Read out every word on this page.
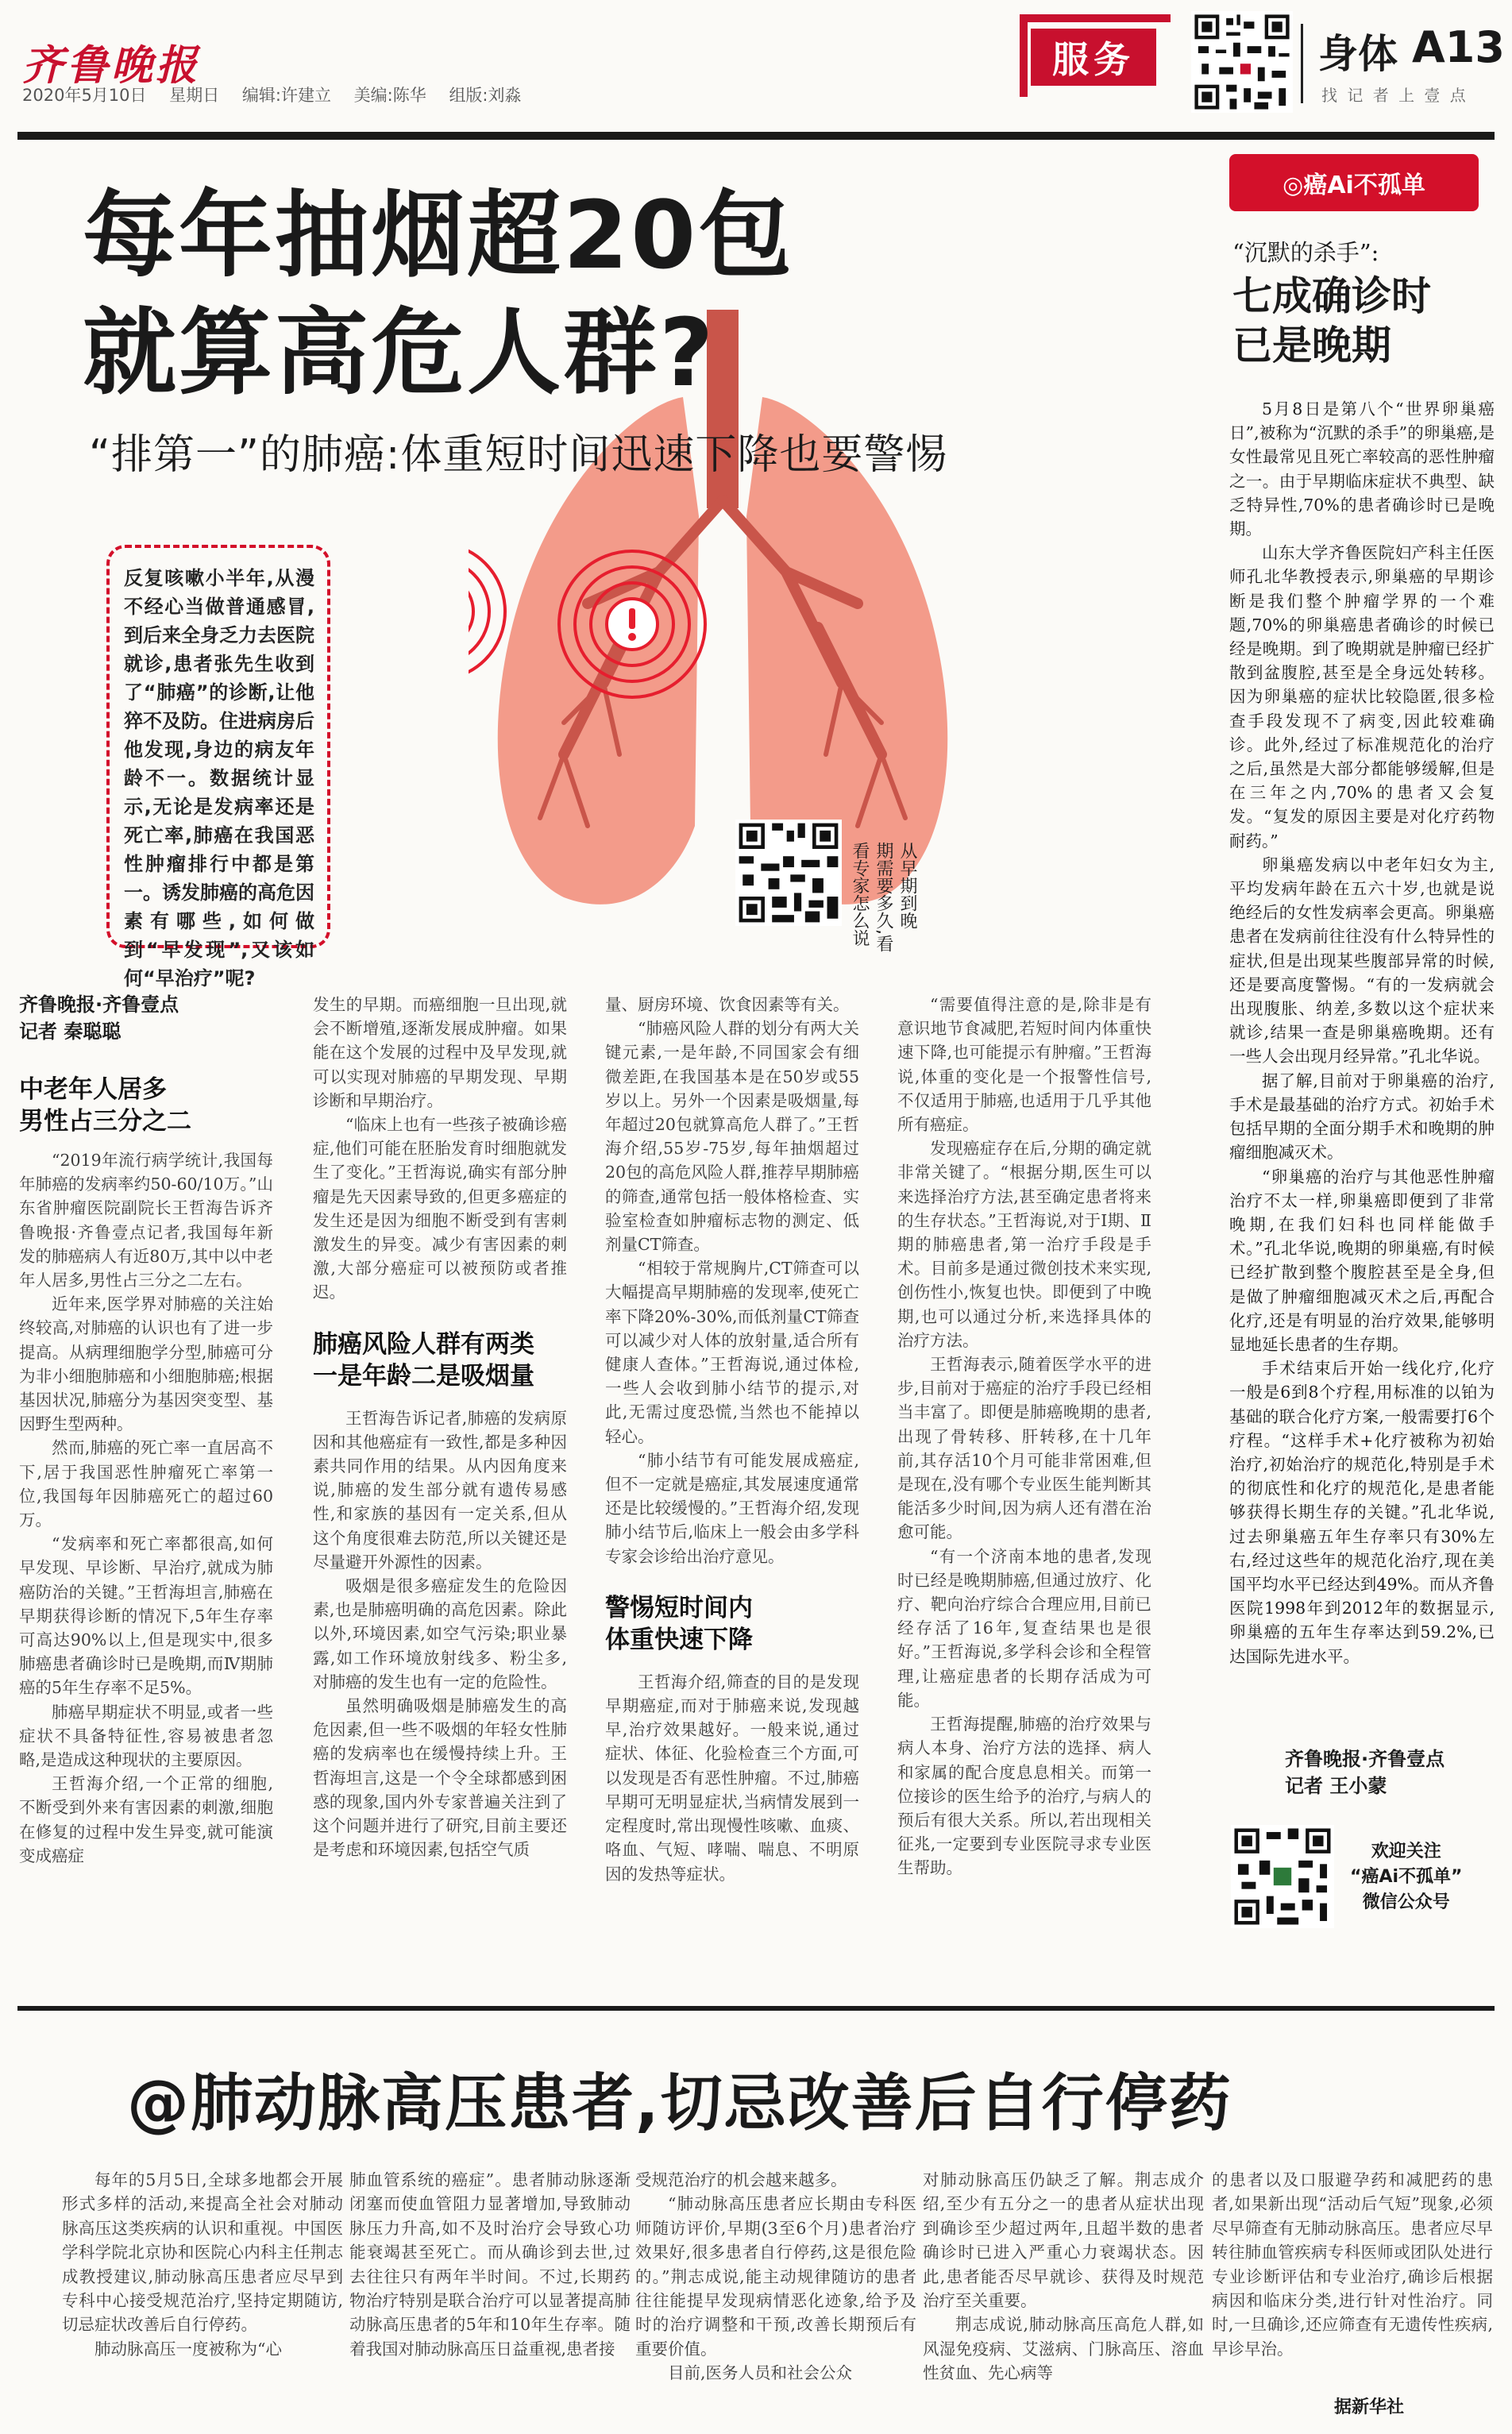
齐鲁晚报
2020年5月10日 星期日 编辑:许建立 美编:陈华 组版:刘淼
服务	身体 A13
找 记 者 上 壹 点
◎癌Ai不孤单
每年抽烟超20包
就算高危人群?
“排第一”的肺癌:体重短时间迅速下降也要警惕
反复咳嗽小半年,从漫不经心当做普通感冒,到后来全身乏力去医院就诊,患者张先生收到了“肺癌”的诊断,让他猝不及防。住进病房后他发现,身边的病友年龄不一。数据统计显示,无论是发病率还是死亡率,肺癌在我国恶性肿瘤排行中都是第一。诱发肺癌的高危因素有哪些,如何做到“早发现”,又该如何“早治疗”呢?
从早期到晚
期需要多久,看
看专家怎么说
“沉默的杀手”:
七成确诊时
已是晚期

5月8日是第八个“世界卵巢癌日”,被称为“沉默的杀手”的卵巢癌,是女性最常见且死亡率较高的恶性肿瘤之一。由于早期临床症状不典型、缺乏特异性,70%的患者确诊时已是晚期。

山东大学齐鲁医院妇产科主任医师孔北华教授表示,卵巢癌的早期诊断是我们整个肿瘤学界的一个难题,70%的卵巢癌患者确诊的时候已经是晚期。到了晚期就是肿瘤已经扩散到盆腹腔,甚至是全身远处转移。因为卵巢癌的症状比较隐匿,很多检查手段发现不了病变,因此较难确诊。此外,经过了标准规范化的治疗之后,虽然是大部分都能够缓解,但是在三年之内,70%的患者又会复发。“复发的原因主要是对化疗药物耐药。”

卵巢癌发病以中老年妇女为主,平均发病年龄在五六十岁,也就是说绝经后的女性发病率会更高。卵巢癌患者在发病前往往没有什么特异性的症状,但是出现某些腹部异常的时候,还是要高度警惕。“有的一发病就会出现腹胀、纳差,多数以这个症状来就诊,结果一查是卵巢癌晚期。还有一些人会出现月经异常。”孔北华说。

据了解,目前对于卵巢癌的治疗,手术是最基础的治疗方式。初始手术包括早期的全面分期手术和晚期的肿瘤细胞减灭术。

“卵巢癌的治疗与其他恶性肿瘤治疗不太一样,卵巢癌即便到了非常晚期,在我们妇科也同样能做手术。”孔北华说,晚期的卵巢癌,有时候已经扩散到整个腹腔甚至是全身,但是做了肿瘤细胞减灭术之后,再配合化疗,还是有明显的治疗效果,能够明显地延长患者的生存期。

手术结束后开始一线化疗,化疗一般是6到8个疗程,用标准的以铂为基础的联合化疗方案,一般需要打6个疗程。“这样手术+化疗被称为初始治疗,初始治疗的规范化,特别是手术的彻底性和化疗的规范化,是患者能够获得长期生存的关键。”孔北华说,过去卵巢癌五年生存率只有30%左右,经过这些年的规范化治疗,现在美国平均水平已经达到49%。而从齐鲁医院1998年到2012年的数据显示,卵巢癌的五年生存率达到59.2%,已达国际先进水平。

齐鲁晚报·齐鲁壹点
记者 王小蒙
欢迎关注
“癌Ai不孤单”
微信公众号
齐鲁晚报·齐鲁壹点
记者 秦聪聪
中老年人居多
男性占三分之二

“2019年流行病学统计,我国每年肺癌的发病率约50-60/10万。”山东省肿瘤医院副院长王哲海告诉齐鲁晚报·齐鲁壹点记者,我国每年新发的肺癌病人有近80万,其中以中老年人居多,男性占三分之二左右。

近年来,医学界对肺癌的关注始终较高,对肺癌的认识也有了进一步提高。从病理细胞学分型,肺癌可分为非小细胞肺癌和小细胞肺癌;根据基因状况,肺癌分为基因突变型、基因野生型两种。

然而,肺癌的死亡率一直居高不下,居于我国恶性肿瘤死亡率第一位,我国每年因肺癌死亡的超过60万。

“发病率和死亡率都很高,如何早发现、早诊断、早治疗,就成为肺癌防治的关键。”王哲海坦言,肺癌在早期获得诊断的情况下,5年生存率可高达90%以上,但是现实中,很多肺癌患者确诊时已是晚期,而Ⅳ期肺癌的5年生存率不足5%。

肺癌早期症状不明显,或者一些症状不具备特征性,容易被患者忽略,是造成这种现状的主要原因。

王哲海介绍,一个正常的细胞,不断受到外来有害因素的刺激,细胞在修复的过程中发生异变,就可能演变成癌症

发生的早期。而癌细胞一旦出现,就会不断增殖,逐渐发展成肿瘤。如果能在这个发展的过程中及早发现,就可以实现对肺癌的早期发现、早期诊断和早期治疗。

“临床上也有一些孩子被确诊癌症,他们可能在胚胎发育时细胞就发生了变化。”王哲海说,确实有部分肿瘤是先天因素导致的,但更多癌症的发生还是因为细胞不断受到有害刺激发生的异变。减少有害因素的刺激,大部分癌症可以被预防或者推迟。

肺癌风险人群有两类
一是年龄二是吸烟量

王哲海告诉记者,肺癌的发病原因和其他癌症有一致性,都是多种因素共同作用的结果。从内因角度来说,肺癌的发生部分就有遗传易感性,和家族的基因有一定关系,但从这个角度很难去防范,所以关键还是尽量避开外源性的因素。

吸烟是很多癌症发生的危险因素,也是肺癌明确的高危因素。除此以外,环境因素,如空气污染;职业暴露,如工作环境放射线多、粉尘多,对肺癌的发生也有一定的危险性。

虽然明确吸烟是肺癌发生的高危因素,但一些不吸烟的年轻女性肺癌的发病率也在缓慢持续上升。王哲海坦言,这是一个令全球都感到困惑的现象,国内外专家普遍关注到了这个问题并进行了研究,目前主要还是考虑和环境因素,包括空气质

量、厨房环境、饮食因素等有关。

“肺癌风险人群的划分有两大关键元素,一是年龄,不同国家会有细微差距,在我国基本是在50岁或55岁以上。另外一个因素是吸烟量,每年超过20包就算高危人群了。”王哲海介绍,55岁-75岁,每年抽烟超过20包的高危风险人群,推荐早期肺癌的筛查,通常包括一般体格检查、实验室检查如肿瘤标志物的测定、低剂量CT筛查。

“相较于常规胸片,CT筛查可以大幅提高早期肺癌的发现率,使死亡率下降20%-30%,而低剂量CT筛查可以减少对人体的放射量,适合所有健康人查体。”王哲海说,通过体检,一些人会收到肺小结节的提示,对此,无需过度恐慌,当然也不能掉以轻心。

“肺小结节有可能发展成癌症,但不一定就是癌症,其发展速度通常还是比较缓慢的。”王哲海介绍,发现肺小结节后,临床上一般会由多学科专家会诊给出治疗意见。

警惕短时间内
体重快速下降

王哲海介绍,筛查的目的是发现早期癌症,而对于肺癌来说,发现越早,治疗效果越好。一般来说,通过症状、体征、化验检查三个方面,可以发现是否有恶性肿瘤。不过,肺癌早期可无明显症状,当病情发展到一定程度时,常出现慢性咳嗽、血痰、咯血、气短、哮喘、喘息、不明原因的发热等症状。

“需要值得注意的是,除非是有意识地节食减肥,若短时间内体重快速下降,也可能提示有肿瘤。”王哲海说,体重的变化是一个报警性信号,不仅适用于肺癌,也适用于几乎其他所有癌症。

发现癌症存在后,分期的确定就非常关键了。“根据分期,医生可以来选择治疗方法,甚至确定患者将来的生存状态。”王哲海说,对于Ⅰ期、Ⅱ期的肺癌患者,第一治疗手段是手术。目前多是通过微创技术来实现,创伤性小,恢复也快。即便到了中晚期,也可以通过分析,来选择具体的治疗方法。

王哲海表示,随着医学水平的进步,目前对于癌症的治疗手段已经相当丰富了。即便是肺癌晚期的患者,出现了骨转移、肝转移,在十几年前,其存活10个月可能非常困难,但是现在,没有哪个专业医生能判断其能活多少时间,因为病人还有潜在治愈可能。

“有一个济南本地的患者,发现时已经是晚期肺癌,但通过放疗、化疗、靶向治疗综合合理应用,目前已经存活了16年,复查结果也是很好。”王哲海说,多学科会诊和全程管理,让癌症患者的长期存活成为可能。

王哲海提醒,肺癌的治疗效果与病人本身、治疗方法的选择、病人和家属的配合度息息相关。而第一位接诊的医生给予的治疗,与病人的预后有很大关系。所以,若出现相关征兆,一定要到专业医院寻求专业医生帮助。

@肺动脉高压患者,切忌改善后自行停药

每年的5月5日,全球多地都会开展形式多样的活动,来提高全社会对肺动脉高压这类疾病的认识和重视。中国医学科学院北京协和医院心内科主任荆志成教授建议,肺动脉高压患者应尽早到专科中心接受规范治疗,坚持定期随访,切忌症状改善后自行停药。

肺动脉高压一度被称为“心

肺血管系统的癌症”。患者肺动脉逐渐闭塞而使血管阻力显著增加,导致肺动脉压力升高,如不及时治疗会导致心功能衰竭甚至死亡。而从确诊到去世,过去往往只有两年半时间。不过,长期药物治疗特别是联合治疗可以显著提高肺动脉高压患者的5年和10年生存率。随着我国对肺动脉高压日益重视,患者接

受规范治疗的机会越来越多。

“肺动脉高压患者应长期由专科医师随访评价,早期(3至6个月)患者治疗效果好,很多患者自行停药,这是很危险的。”荆志成说,能主动规律随访的患者往往能提早发现病情恶化迹象,给予及时的治疗调整和干预,改善长期预后有重要价值。

目前,医务人员和社会公众

对肺动脉高压仍缺乏了解。荆志成介绍,至少有五分之一的患者从症状出现到确诊至少超过两年,且超半数的患者确诊时已进入严重心力衰竭状态。因此,患者能否尽早就诊、获得及时规范治疗至关重要。

荆志成说,肺动脉高压高危人群,如风湿免疫病、艾滋病、门脉高压、溶血性贫血、先心病等

的患者以及口服避孕药和减肥药的患者,如果新出现“活动后气短”现象,必须尽早筛查有无肺动脉高压。患者应尽早转往肺血管疾病专科医师或团队处进行专业诊断评估和专业治疗,确诊后根据病因和临床分类,进行针对性治疗。同时,一旦确诊,还应筛查有无遗传性疾病,早诊早治。

据新华社
